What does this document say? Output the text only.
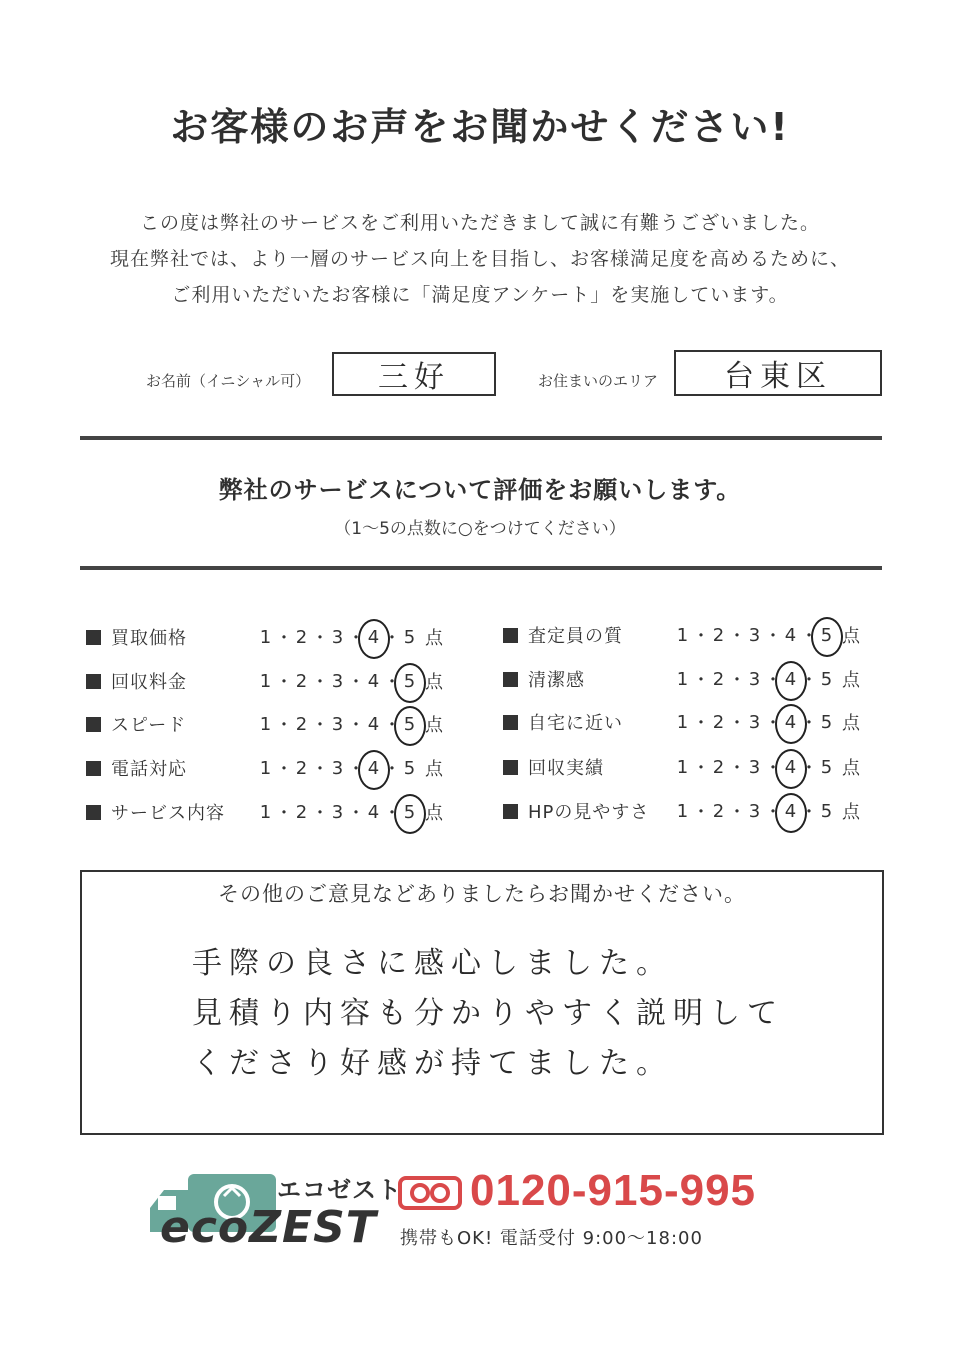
お客様のお声をお聞かせください!
この度は弊社のサービスをご利用いただきまして誠に有難うございました。
現在弊社では、より一層のサービス向上を目指し、お客様満足度を高めるために、
ご利用いただいたお客様に「満足度アンケート」を実施しています。
お名前（イニシャル可）	三好	お住まいのエリア	台東区
弊社のサービスについて評価をお願いします。
（1〜5の点数に○をつけてください）
買取価格	1 ・ 2 ・ 3 ・ 4 ・ 5 点
回収料金	1 ・ 2 ・ 3 ・ 4 ・ 5 点
スピード	1 ・ 2 ・ 3 ・ 4 ・ 5 点
電話対応	1 ・ 2 ・ 3 ・ 4 ・ 5 点
サービス内容	1 ・ 2 ・ 3 ・ 4 ・ 5 点
査定員の質	1 ・ 2 ・ 3 ・ 4 ・ 5 点
清潔感	1 ・ 2 ・ 3 ・ 4 ・ 5 点
自宅に近い	1 ・ 2 ・ 3 ・ 4 ・ 5 点
回収実績	1 ・ 2 ・ 3 ・ 4 ・ 5 点
HPの見やすさ	1 ・ 2 ・ 3 ・ 4 ・ 5 点
その他のご意見などありましたらお聞かせください。
手際の良さに感心しました。
見積り内容も分かりやすく説明して
くださり好感が持てました。
エコゼスト
ecoZEST
0120-915-995
携帯もOK! 電話受付 9:00〜18:00
